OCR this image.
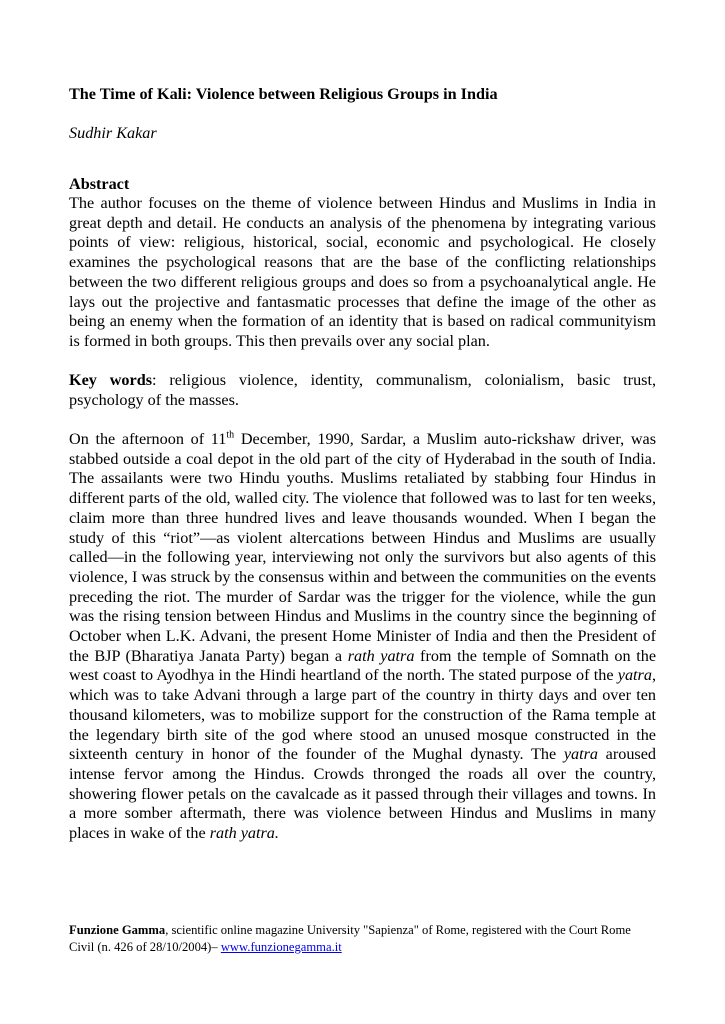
The Time of Kali: Violence between Religious Groups in India
Sudhir Kakar
Abstract

The author focuses on the theme of violence between Hindus and Muslims in India in great depth and detail. He conducts an analysis of the phenomena by integrating various points of view: religious, historical, social, economic and psychological. He closely examines the psychological reasons that are the base of the conflicting relationships between the two different religious groups and does so from a psychoanalytical angle. He lays out the projective and fantasmatic processes that define the image of the other as being an enemy when the formation of an identity that is based on radical communityism is formed in both groups. This then prevails over any social plan.

Key words: religious violence, identity, communalism, colonialism, basic trust, psychology of the masses.

On the afternoon of 11th December, 1990, Sardar, a Muslim auto-rickshaw driver, was stabbed outside a coal depot in the old part of the city of Hyderabad in the south of India. The assailants were two Hindu youths. Muslims retaliated by stabbing four Hindus in different parts of the old, walled city. The violence that followed was to last for ten weeks, claim more than three hundred lives and leave thousands wounded. When I began the study of this “riot”—as violent altercations between Hindus and Muslims are usually called—in the following year, interviewing not only the survivors but also agents of this violence, I was struck by the consensus within and between the communities on the events preceding the riot. The murder of Sardar was the trigger for the violence, while the gun was the rising tension between Hindus and Muslims in the country since the beginning of October when L.K. Advani, the present Home Minister of India and then the President of the BJP (Bharatiya Janata Party) began a rath yatra from the temple of Somnath on the west coast to Ayodhya in the Hindi heartland of the north. The stated purpose of the yatra, which was to take Advani through a large part of the country in thirty days and over ten thousand kilometers, was to mobilize support for the construction of the Rama temple at the legendary birth site of the god where stood an unused mosque constructed in the sixteenth century in honor of the founder of the Mughal dynasty. The yatra aroused intense fervor among the Hindus. Crowds thronged the roads all over the country, showering flower petals on the cavalcade as it passed through their villages and towns. In a more somber aftermath, there was violence between Hindus and Muslims in many places in wake of the rath yatra.

Funzione Gamma, scientific online magazine University "Sapienza" of Rome, registered with the Court Rome Civil (n. 426 of 28/10/2004)– www.funzionegamma.it
